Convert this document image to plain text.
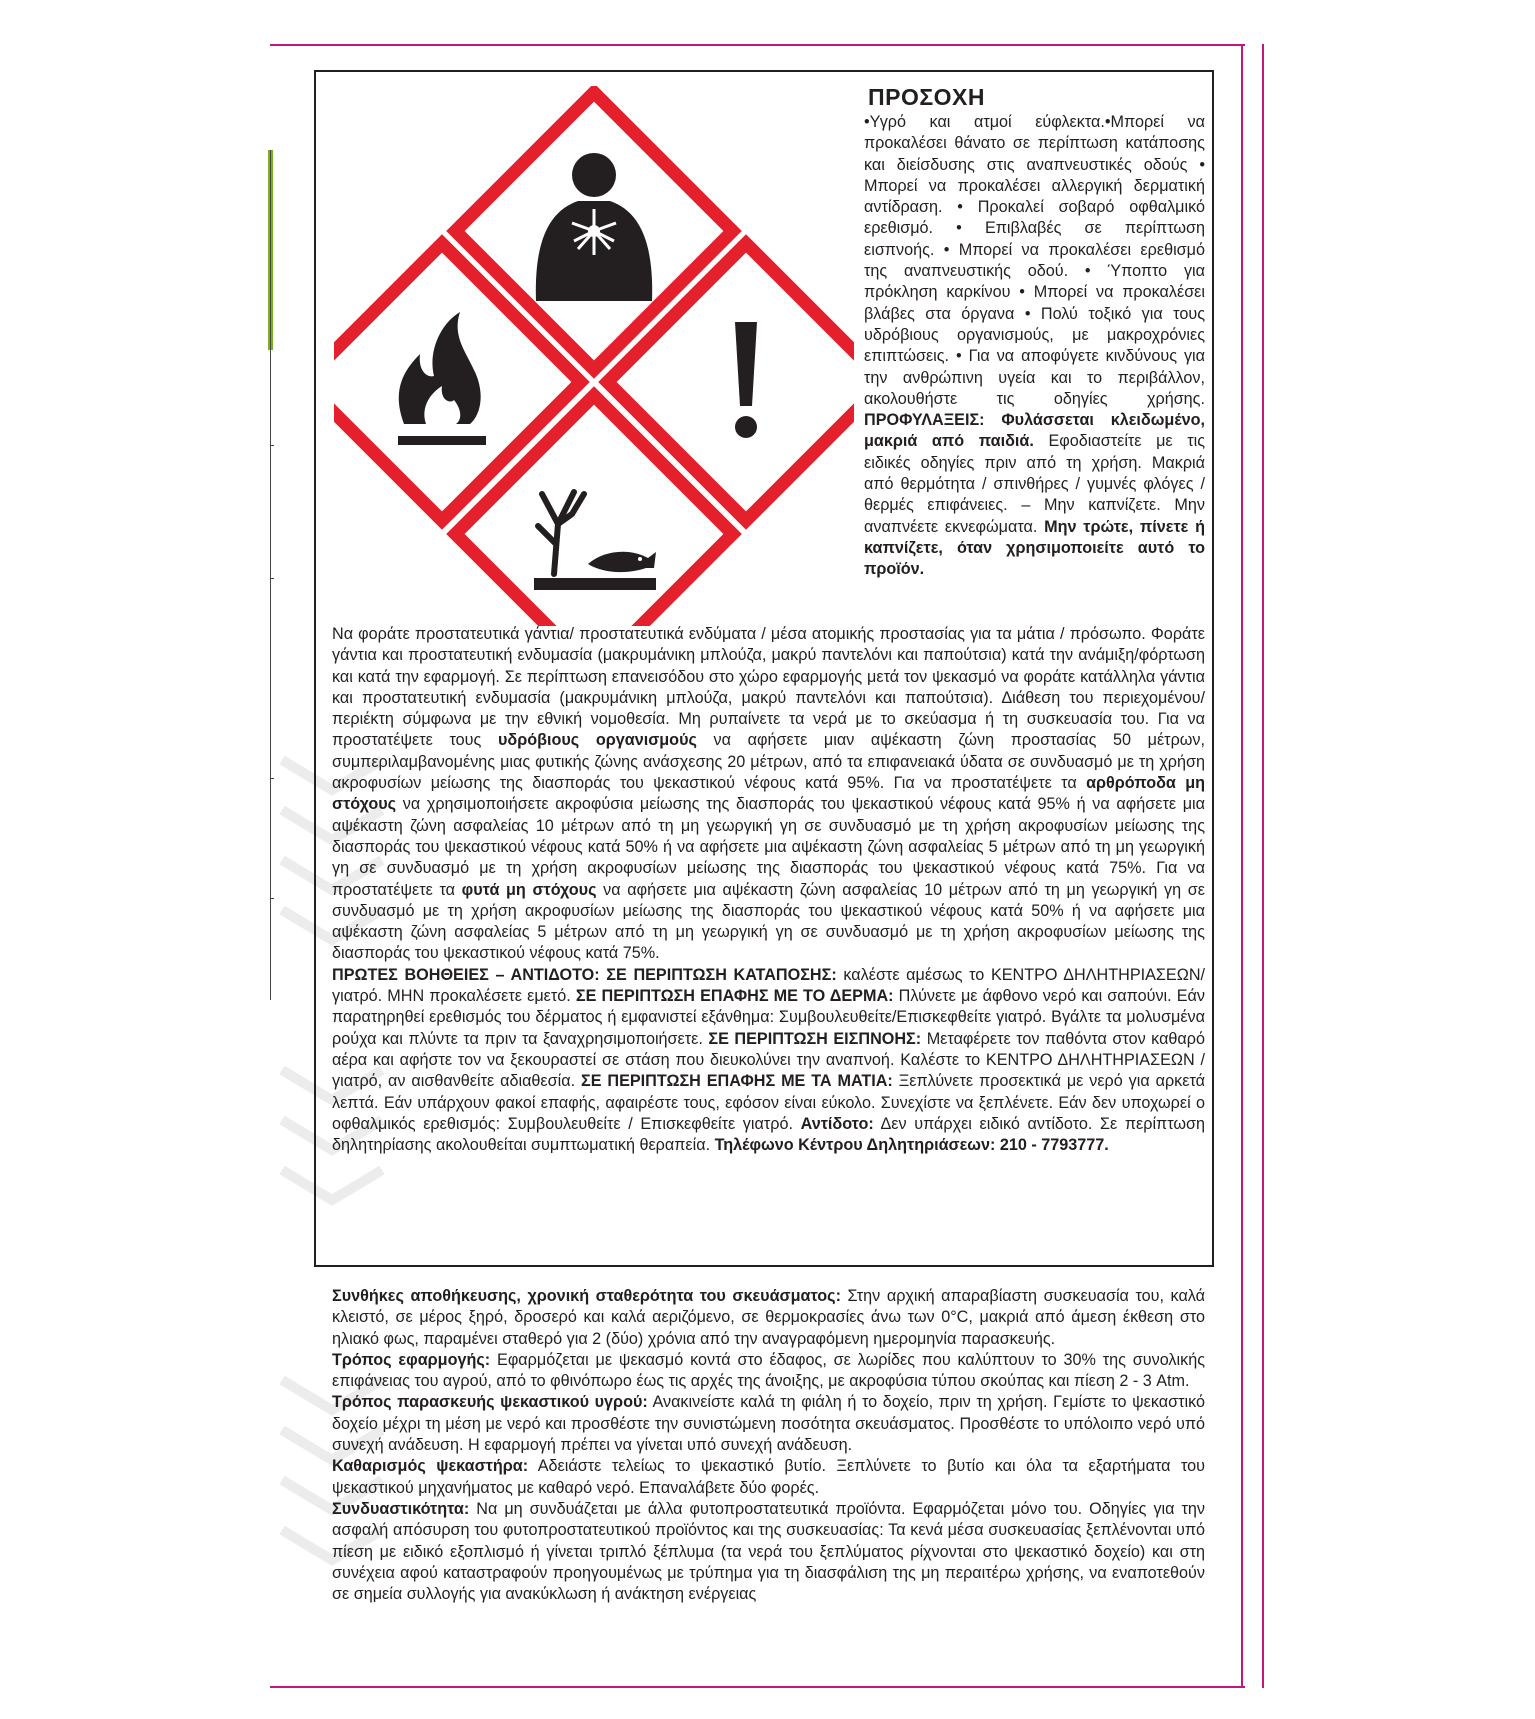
ΠΡΟΣΟΧΗ

•Υγρό και ατμοί εύφλεκτα.•Μπορεί να προκαλέσει θάνατο σε περίπτωση κατάποσης και διείσδυσης στις αναπνευστικές οδούς • Μπορεί να προκαλέσει αλλεργική δερματική αντίδραση. • Προκαλεί σοβαρό οφθαλμικό ερεθισμό. • Επιβλαβές σε περίπτωση εισπνοής. • Μπορεί να προκαλέσει ερεθισμό της αναπνευστικής οδού. • Ύποπτο για πρόκληση καρκίνου • Μπορεί να προκαλέσει βλάβες στα όργανα • Πολύ τοξικό για τους υδρόβιους οργανισμούς, με μακροχρόνιες επιπτώσεις. • Για να αποφύγετε κινδύνους για την ανθρώπινη υγεία και το περιβάλλον, ακολουθήστε τις οδηγίες χρήσης. ΠΡΟΦΥΛΑΞΕΙΣ: Φυλάσσεται κλειδωμένο, μακριά από παιδιά. Εφοδιαστείτε με τις ειδικές οδηγίες πριν από τη χρήση. Μακριά από θερμότητα / σπινθήρες / γυμνές φλόγες / θερμές επιφάνειες. – Μην καπνίζετε. Μην αναπνέετε εκνεφώματα. Μην τρώτε, πίνετε ή καπνίζετε, όταν χρησιμοποιείτε αυτό το προϊόν.

Να φοράτε προστατευτικά γάντια/ προστατευτικά ενδύματα / μέσα ατομικής προστασίας για τα μάτια / πρόσωπο. Φοράτε γάντια και προστατευτική ενδυμασία (μακρυμάνικη μπλούζα, μακρύ παντελόνι και παπούτσια) κατά την ανάμιξη/φόρτωση και κατά την εφαρμογή. Σε περίπτωση επανεισόδου στο χώρο εφαρμογής μετά τον ψεκασμό να φοράτε κατάλληλα γάντια και προστατευτική ενδυμασία (μακρυμάνικη μπλούζα, μακρύ παντελόνι και παπούτσια). Διάθεση του περιεχομένου/περιέκτη σύμφωνα με την εθνική νομοθεσία. Μη ρυπαίνετε τα νερά με το σκεύασμα ή τη συσκευασία του. Για να προστατέψετε τους υδρόβιους οργανισμούς να αφήσετε μιαν αψέκαστη ζώνη προστασίας 50 μέτρων, συμπεριλαμβανομένης μιας φυτικής ζώνης ανάσχεσης 20 μέτρων, από τα επιφανειακά ύδατα σε συνδυασμό με τη χρήση ακροφυσίων μείωσης της διασποράς του ψεκαστικού νέφους κατά 95%. Για να προστατέψετε τα αρθρόποδα μη στόχους να χρησιμοποιήσετε ακροφύσια μείωσης της διασποράς του ψεκαστικού νέφους κατά 95% ή να αφήσετε μια αψέκαστη ζώνη ασφαλείας 10 μέτρων από τη μη γεωργική γη σε συνδυασμό με τη χρήση ακροφυσίων μείωσης της διασποράς του ψεκαστικού νέφους κατά 50% ή να αφήσετε μια αψέκαστη ζώνη ασφαλείας 5 μέτρων από τη μη γεωργική γη σε συνδυασμό με τη χρήση ακροφυσίων μείωσης της διασποράς του ψεκαστικού νέφους κατά 75%. Για να προστατέψετε τα φυτά μη στόχους να αφήσετε μια αψέκαστη ζώνη ασφαλείας 10 μέτρων από τη μη γεωργική γη σε συνδυασμό με τη χρήση ακροφυσίων μείωσης της διασποράς του ψεκαστικού νέφους κατά 50% ή να αφήσετε μια αψέκαστη ζώνη ασφαλείας 5 μέτρων από τη μη γεωργική γη σε συνδυασμό με τη χρήση ακροφυσίων μείωσης της διασποράς του ψεκαστικού νέφους κατά 75%.

ΠΡΩΤΕΣ ΒΟΗΘΕΙΕΣ – ΑΝΤΙΔΟΤΟ: ΣΕ ΠΕΡΙΠΤΩΣΗ ΚΑΤΑΠΟΣΗΣ: καλέστε αμέσως το ΚΕΝΤΡΟ ΔΗΛΗΤΗΡΙΑΣΕΩΝ/γιατρό. ΜΗΝ προκαλέσετε εμετό. ΣΕ ΠΕΡΙΠΤΩΣΗ ΕΠΑΦΗΣ ΜΕ ΤΟ ΔΕΡΜΑ: Πλύνετε με άφθονο νερό και σαπούνι. Εάν παρατηρηθεί ερεθισμός του δέρματος ή εμφανιστεί εξάνθημα: Συμβουλευθείτε/Επισκεφθείτε γιατρό. Βγάλτε τα μολυσμένα ρούχα και πλύντε τα πριν τα ξαναχρησιμοποιήσετε. ΣΕ ΠΕΡΙΠΤΩΣΗ ΕΙΣΠΝΟΗΣ: Μεταφέρετε τον παθόντα στον καθαρό αέρα και αφήστε τον να ξεκουραστεί σε στάση που διευκολύνει την αναπνοή. Καλέστε το ΚΕΝΤΡΟ ΔΗΛΗΤΗΡΙΑΣΕΩΝ / γιατρό, αν αισθανθείτε αδιαθεσία. ΣΕ ΠΕΡΙΠΤΩΣΗ ΕΠΑΦΗΣ ΜΕ ΤΑ ΜΑΤΙΑ: Ξεπλύνετε προσεκτικά με νερό για αρκετά λεπτά. Εάν υπάρχουν φακοί επαφής, αφαιρέστε τους, εφόσον είναι εύκολο. Συνεχίστε να ξεπλένετε. Εάν δεν υποχωρεί ο οφθαλμικός ερεθισμός: Συμβουλευθείτε / Επισκεφθείτε γιατρό. Αντίδοτο: Δεν υπάρχει ειδικό αντίδοτο. Σε περίπτωση δηλητηρίασης ακολουθείται συμπτωματική θεραπεία. Τηλέφωνο Κέντρου Δηλητηριάσεων: 210 - 7793777.

Συνθήκες αποθήκευσης, χρονική σταθερότητα του σκευάσματος: Στην αρχική απαραβίαστη συσκευασία του, καλά κλειστό, σε μέρος ξηρό, δροσερό και καλά αεριζόμενο, σε θερμοκρασίες άνω των 0°C, μακριά από άμεση έκθεση στο ηλιακό φως, παραμένει σταθερό για 2 (δύο) χρόνια από την αναγραφόμενη ημερομηνία παρασκευής.

Τρόπος εφαρμογής: Εφαρμόζεται με ψεκασμό κοντά στο έδαφος, σε λωρίδες που καλύπτουν το 30% της συνολικής επιφάνειας του αγρού, από το φθινόπωρο έως τις αρχές της άνοιξης, με ακροφύσια τύπου σκούπας και πίεση 2 - 3 Atm.

Τρόπος παρασκευής ψεκαστικού υγρού: Ανακινείστε καλά τη φιάλη ή το δοχείο, πριν τη χρήση. Γεμίστε το ψεκαστικό δοχείο μέχρι τη μέση με νερό και προσθέστε την συνιστώμενη ποσότητα σκευάσματος. Προσθέστε το υπόλοιπο νερό υπό συνεχή ανάδευση. Η εφαρμογή πρέπει να γίνεται υπό συνεχή ανάδευση.

Καθαρισμός ψεκαστήρα: Αδειάστε τελείως το ψεκαστικό βυτίο. Ξεπλύνετε το βυτίο και όλα τα εξαρτήματα του ψεκαστικού μηχανήματος με καθαρό νερό. Επαναλάβετε δύο φορές.

Συνδυαστικότητα: Να μη συνδυάζεται με άλλα φυτοπροστατευτικά προϊόντα. Εφαρμόζεται μόνο του. Οδηγίες για την ασφαλή απόσυρση του φυτοπροστατευτικού προϊόντος και της συσκευασίας: Τα κενά μέσα συσκευασίας ξεπλένονται υπό πίεση με ειδικό εξοπλισμό ή γίνεται τριπλό ξέπλυμα (τα νερά του ξεπλύματος ρίχνονται στο ψεκαστικό δοχείο) και στη συνέχεια αφού καταστραφούν προηγουμένως με τρύπημα για τη διασφάλιση της μη περαιτέρω χρήσης, να εναποτεθούν σε σημεία συλλογής για ανακύκλωση ή ανάκτηση ενέργειας
